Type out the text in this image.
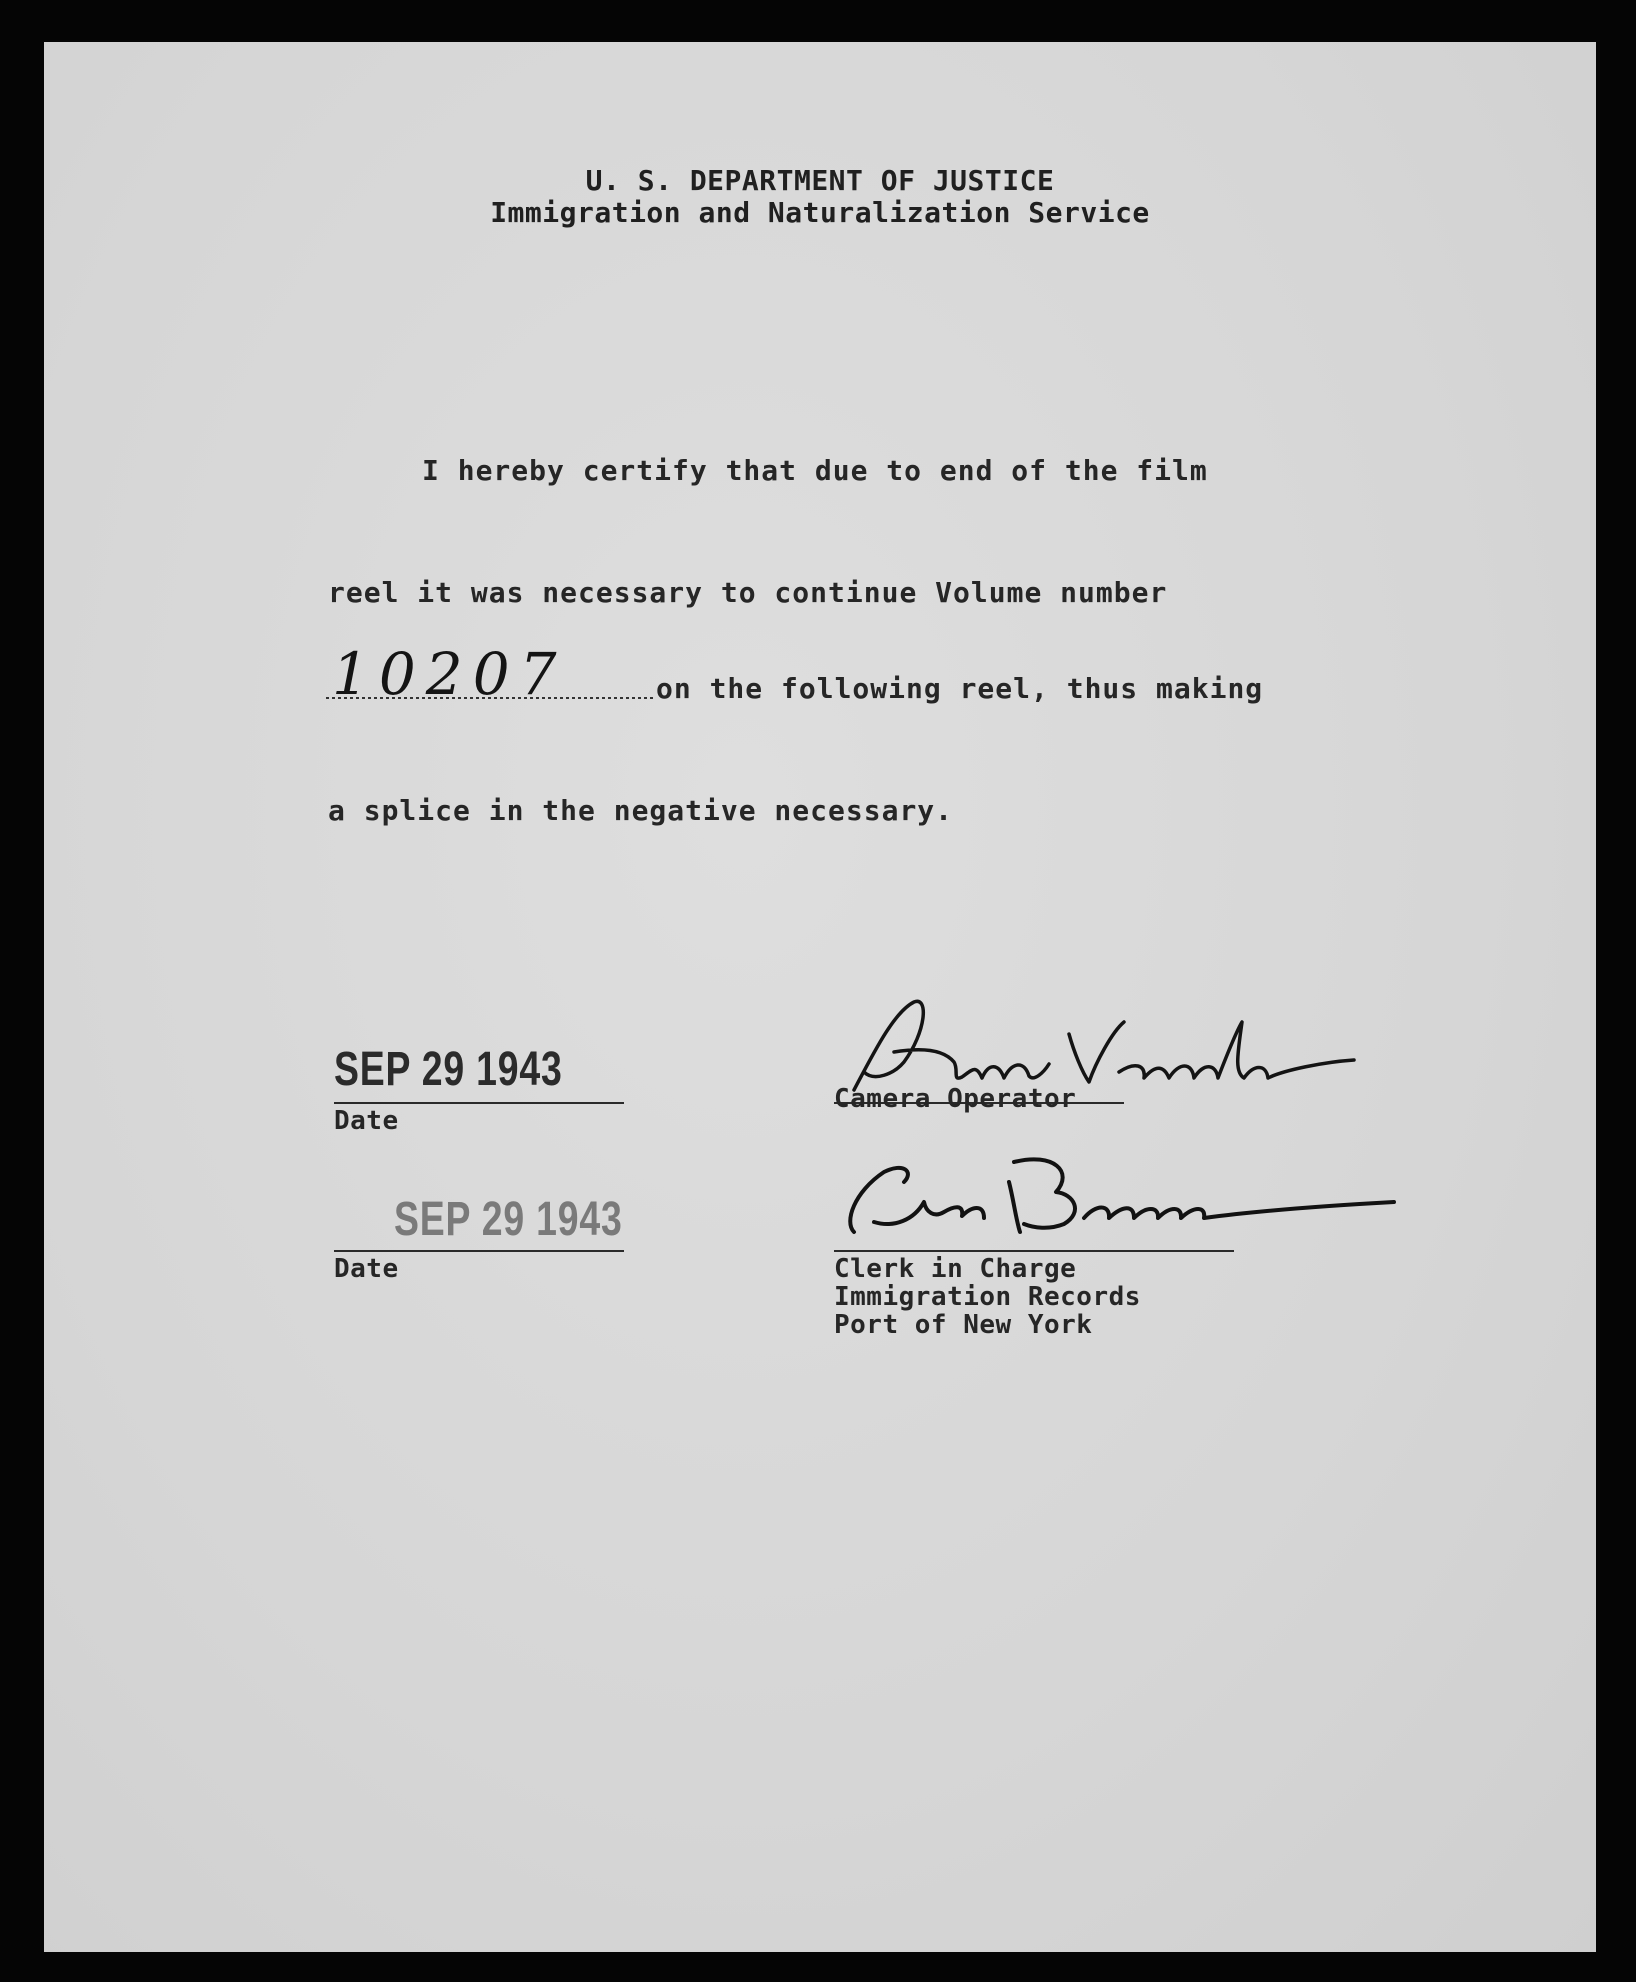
U. S. DEPARTMENT OF JUSTICE
Immigration and Naturalization Service
I hereby certify that due to end of the film
reel it was necessary to continue Volume number
10207	on the following reel, thus making
a splice in the negative necessary.
SEP 29 1943
Date
Camera Operator
SEP 29 1943
Date	Clerk in Charge
Immigration Records
Port of New York
